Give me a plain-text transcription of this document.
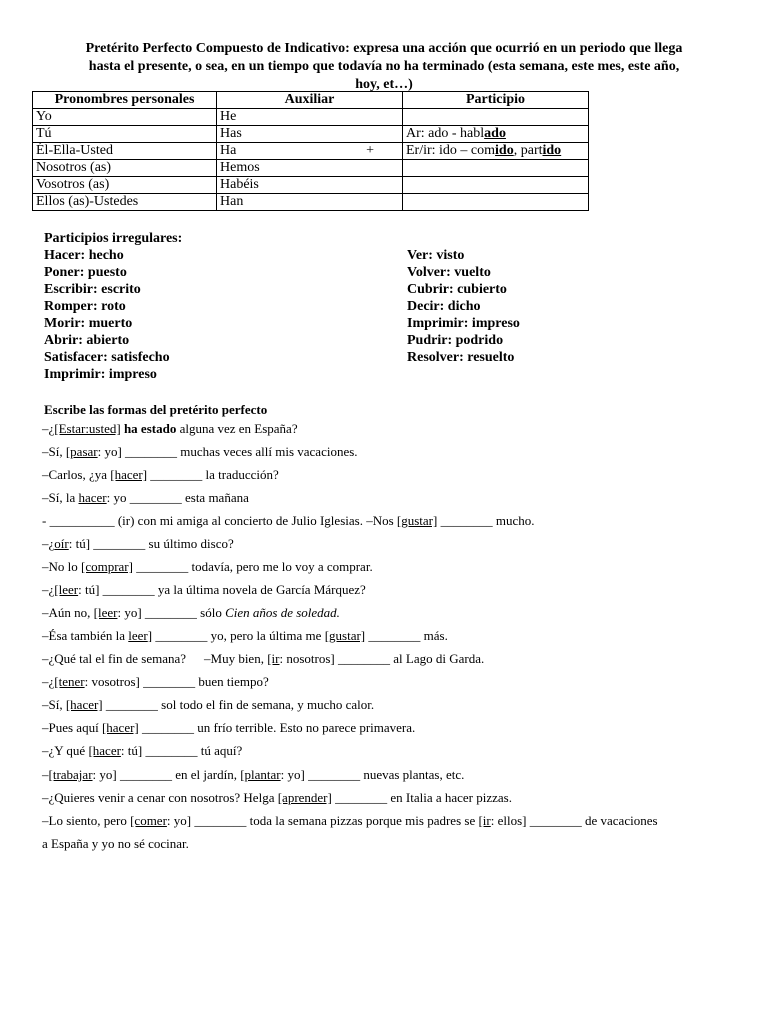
Pretérito Perfecto Compuesto de Indicativo: expresa una acción que ocurrió en un periodo que llega
hasta el presente, o sea, en un tiempo que todavía no ha terminado (esta semana, este mes, este año,
hoy, et…)
Pronombres personales	Auxiliar	Participio
Yo	He	
Tú	Has	Ar: ado - hablado
Él-Ella-Usted	Ha +	Er/ir: ido – comido, partido
Nosotros (as)	Hemos	
Vosotros (as)	Habéis	
Ellos (as)-Ustedes	Han	
Participios irregulares:
Hacer: hecho
Poner: puesto
Escribir: escrito
Romper: roto
Morir: muerto
Abrir: abierto
Satisfacer: satisfecho
Imprimir: impreso
Ver: visto
Volver: vuelto
Cubrir: cubierto
Decir: dicho
Imprimir: impreso
Pudrir: podrido
Resolver: resuelto
Escribe las formas del pretérito perfecto
–¿[Estar:usted] ha estado alguna vez en España?
–Sí, [pasar: yo] ________ muchas veces allí mis vacaciones.
–Carlos, ¿ya [hacer] ________ la traducción?
–Sí, la hacer: yo ________ esta mañana
- __________ (ir) con mi amiga al concierto de Julio Iglesias. –Nos [gustar] ________ mucho.
–¿oír: tú] ________ su último disco?
–No lo [comprar] ________ todavía, pero me lo voy a comprar.
–¿[leer: tú] ________ ya la última novela de García Márquez?
–Aún no, [leer: yo] ________ sólo Cien años de soledad.
–Ésa también la leer] ________ yo, pero la última me [gustar] ________ más.
–¿Qué tal el fin de semana? –Muy bien, [ir: nosotros] ________ al Lago di Garda.
–¿[tener: vosotros] ________ buen tiempo?
–Sí, [hacer] ________ sol todo el fin de semana, y mucho calor.
–Pues aquí [hacer] ________ un frío terrible. Esto no parece primavera.
–¿Y qué [hacer: tú] ________ tú aquí?
–[trabajar: yo] ________ en el jardín, [plantar: yo] ________ nuevas plantas, etc.
–¿Quieres venir a cenar con nosotros? Helga [aprender] ________ en Italia a hacer pizzas.
–Lo siento, pero [comer: yo] ________ toda la semana pizzas porque mis padres se [ir: ellos] ________ de vacaciones
a España y yo no sé cocinar.
